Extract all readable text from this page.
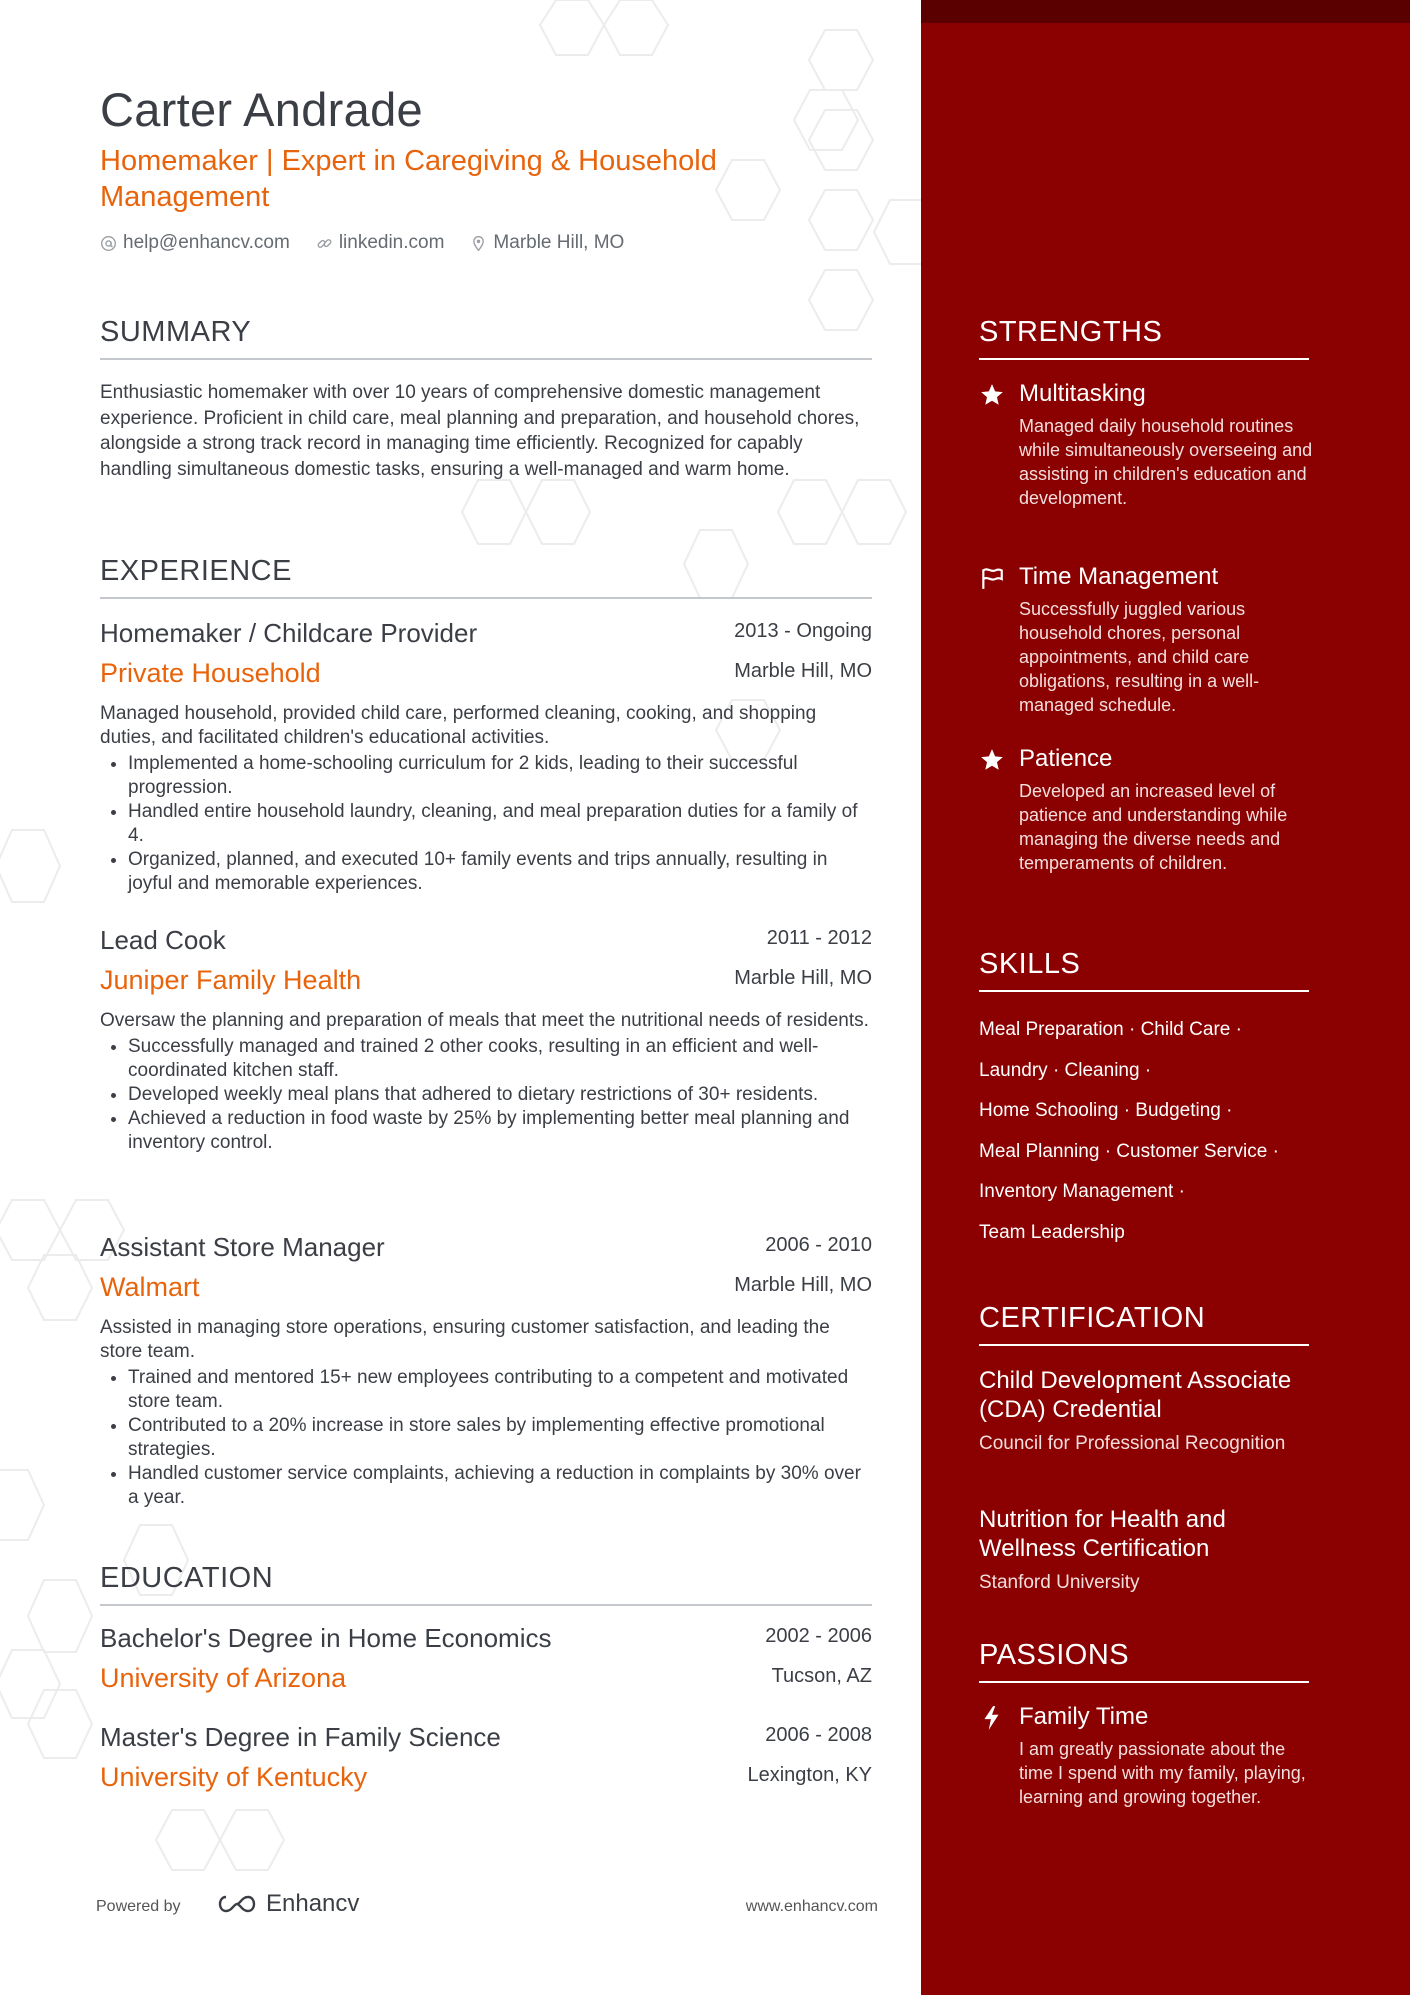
Carter Andrade
Homemaker | Expert in Caregiving & Household Management
help@enhancv.com	linkedin.com	Marble Hill, MO
SUMMARY
Enthusiastic homemaker with over 10 years of comprehensive domestic management experience. Proficient in child care, meal planning and preparation, and household chores, alongside a strong track record in managing time efficiently. Recognized for capably handling simultaneous domestic tasks, ensuring a well-managed and warm home.
EXPERIENCE
Homemaker / Childcare Provider	2013 - Ongoing
Private Household	Marble Hill, MO
Managed household, provided child care, performed cleaning, cooking, and shopping duties, and facilitated children's educational activities.
• Implemented a home-schooling curriculum for 2 kids, leading to their successful progression.
• Handled entire household laundry, cleaning, and meal preparation duties for a family of 4.
• Organized, planned, and executed 10+ family events and trips annually, resulting in joyful and memorable experiences.
Lead Cook	2011 - 2012
Juniper Family Health	Marble Hill, MO
Oversaw the planning and preparation of meals that meet the nutritional needs of residents.
• Successfully managed and trained 2 other cooks, resulting in an efficient and well-coordinated kitchen staff.
• Developed weekly meal plans that adhered to dietary restrictions of 30+ residents.
• Achieved a reduction in food waste by 25% by implementing better meal planning and inventory control.
Assistant Store Manager	2006 - 2010
Walmart	Marble Hill, MO
Assisted in managing store operations, ensuring customer satisfaction, and leading the store team.
• Trained and mentored 15+ new employees contributing to a competent and motivated store team.
• Contributed to a 20% increase in store sales by implementing effective promotional strategies.
• Handled customer service complaints, achieving a reduction in complaints by 30% over a year.
EDUCATION
Bachelor's Degree in Home Economics	2002 - 2006
University of Arizona	Tucson, AZ
Master's Degree in Family Science	2006 - 2008
University of Kentucky	Lexington, KY
Powered by	Enhancv	www.enhancv.com
STRENGTHS
Multitasking
Managed daily household routines while simultaneously overseeing and assisting in children's education and development.
Time Management
Successfully juggled various household chores, personal appointments, and child care obligations, resulting in a well-managed schedule.
Patience
Developed an increased level of patience and understanding while managing the diverse needs and temperaments of children.
SKILLS
Meal Preparation · Child Care ·
Laundry · Cleaning ·
Home Schooling · Budgeting ·
Meal Planning · Customer Service ·
Inventory Management ·
Team Leadership
CERTIFICATION
Child Development Associate (CDA) Credential
Council for Professional Recognition
Nutrition for Health and Wellness Certification
Stanford University
PASSIONS
Family Time
I am greatly passionate about the time I spend with my family, playing, learning and growing together.
